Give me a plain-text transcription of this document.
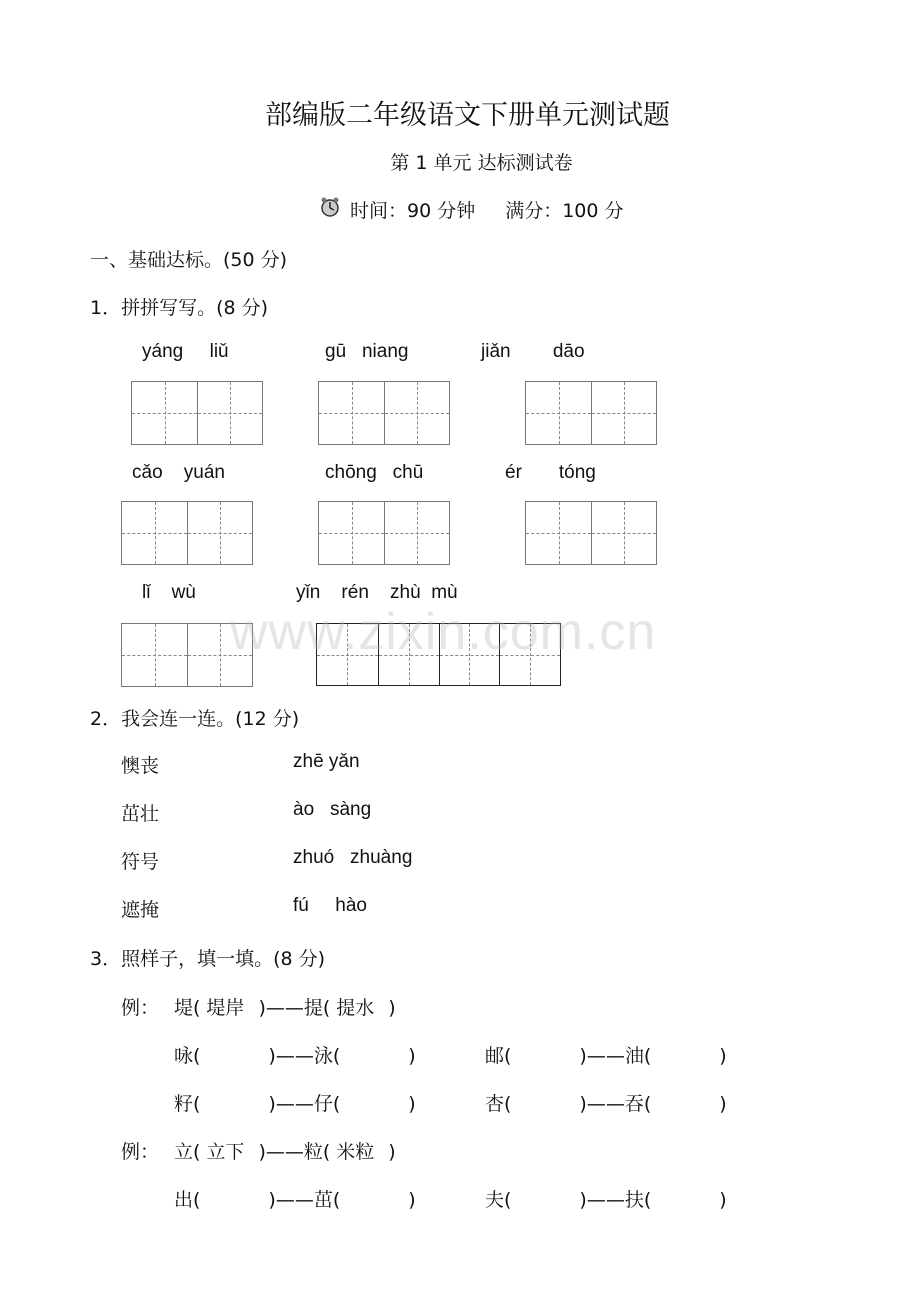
部编版二年级语文下册单元测试题
第 1 单元 达标测试卷
时间：90 分钟 满分：100 分
一、基础达标。(50 分)
1．拼拼写写。(8 分)
yáng liǔ	gū niang	jiǎn dāo
cǎo yuán	chōng chū	ér tóng
lǐ wù	yǐn rén zhù mù
www.zixin.com.cn
2．我会连一连。(12 分)
懊丧
茁壮
符号
遮掩
zhē yǎn
ào sàng
zhuó zhuàng
fú hào
3．照样子，填一填。(8 分)
例： 堤( 堤岸 )——提( 提水 )
咏(	)——泳(	)	邮(	)——油(	)
籽(	)——仔(	)	杏(	)——吞(	)
例： 立( 立下 )——粒( 米粒 )
出(	)——茁(	)	夫(	)——扶(	)
